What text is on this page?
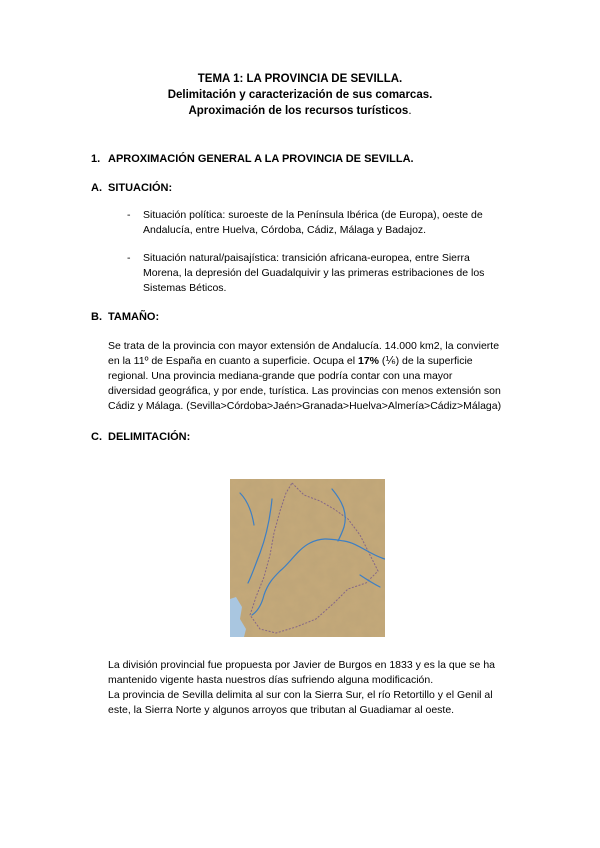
TEMA 1: LA PROVINCIA DE SEVILLA.
Delimitación y caracterización de sus comarcas.
Aproximación de los recursos turísticos.
1. APROXIMACIÓN GENERAL A LA PROVINCIA DE SEVILLA.
A. SITUACIÓN:
- Situación política: suroeste de la Península Ibérica (de Europa), oeste de Andalucía, entre Huelva, Córdoba, Cádiz, Málaga y Badajoz.
- Situación natural/paisajística: transición africana-europea, entre Sierra Morena, la depresión del Guadalquivir y las primeras estribaciones de los Sistemas Béticos.
B. TAMAÑO:
Se trata de la provincia con mayor extensión de Andalucía. 14.000 km2, la convierte en la 11º de España en cuanto a superficie. Ocupa el 17% (⅙) de la superficie regional. Una provincia mediana-grande que podría contar con una mayor diversidad geográfica, y por ende, turística. Las provincias con menos extensión son Cádiz y Málaga. (Sevilla>Córdoba>Jaén>Granada>Huelva>Almería>Cádiz>Málaga)
C. DELIMITACIÓN:
La división provincial fue propuesta por Javier de Burgos en 1833 y es la que se ha mantenido vigente hasta nuestros días sufriendo alguna modificación.
La provincia de Sevilla delimita al sur con la Sierra Sur, el río Retortillo y el Genil al este, la Sierra Norte y algunos arroyos que tributan al Guadiamar al oeste.
